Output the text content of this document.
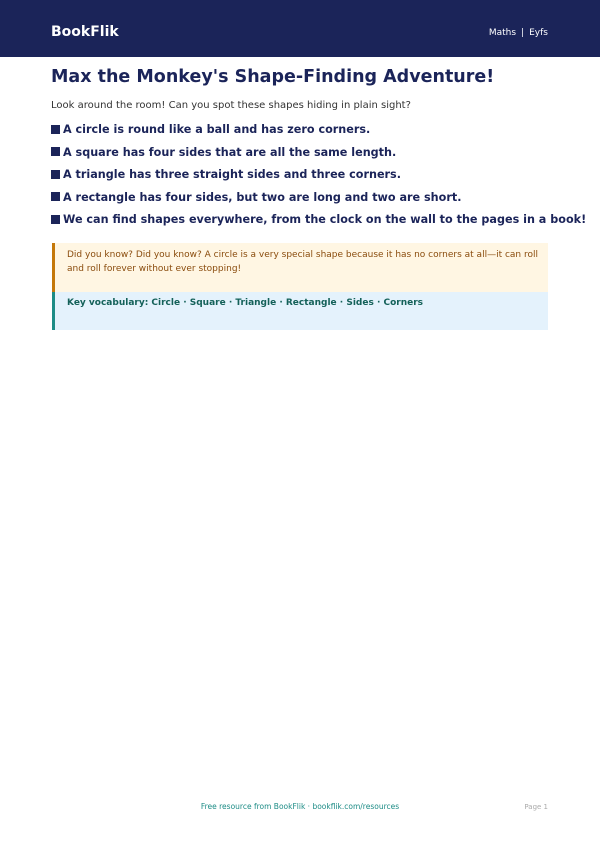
BookFlik	Maths | Eyfs
Max the Monkey's Shape-Finding Adventure!
Look around the room! Can you spot these shapes hiding in plain sight?
A circle is round like a ball and has zero corners.
A square has four sides that are all the same length.
A triangle has three straight sides and three corners.
A rectangle has four sides, but two are long and two are short.
We can find shapes everywhere, from the clock on the wall to the pages in a book!
Did you know? Did you know? A circle is a very special shape because it has no corners at all—it can roll and roll forever without ever stopping!
Key vocabulary: Circle · Square · Triangle · Rectangle · Sides · Corners
Free resource from BookFlik · bookflik.com/resources	Page 1
